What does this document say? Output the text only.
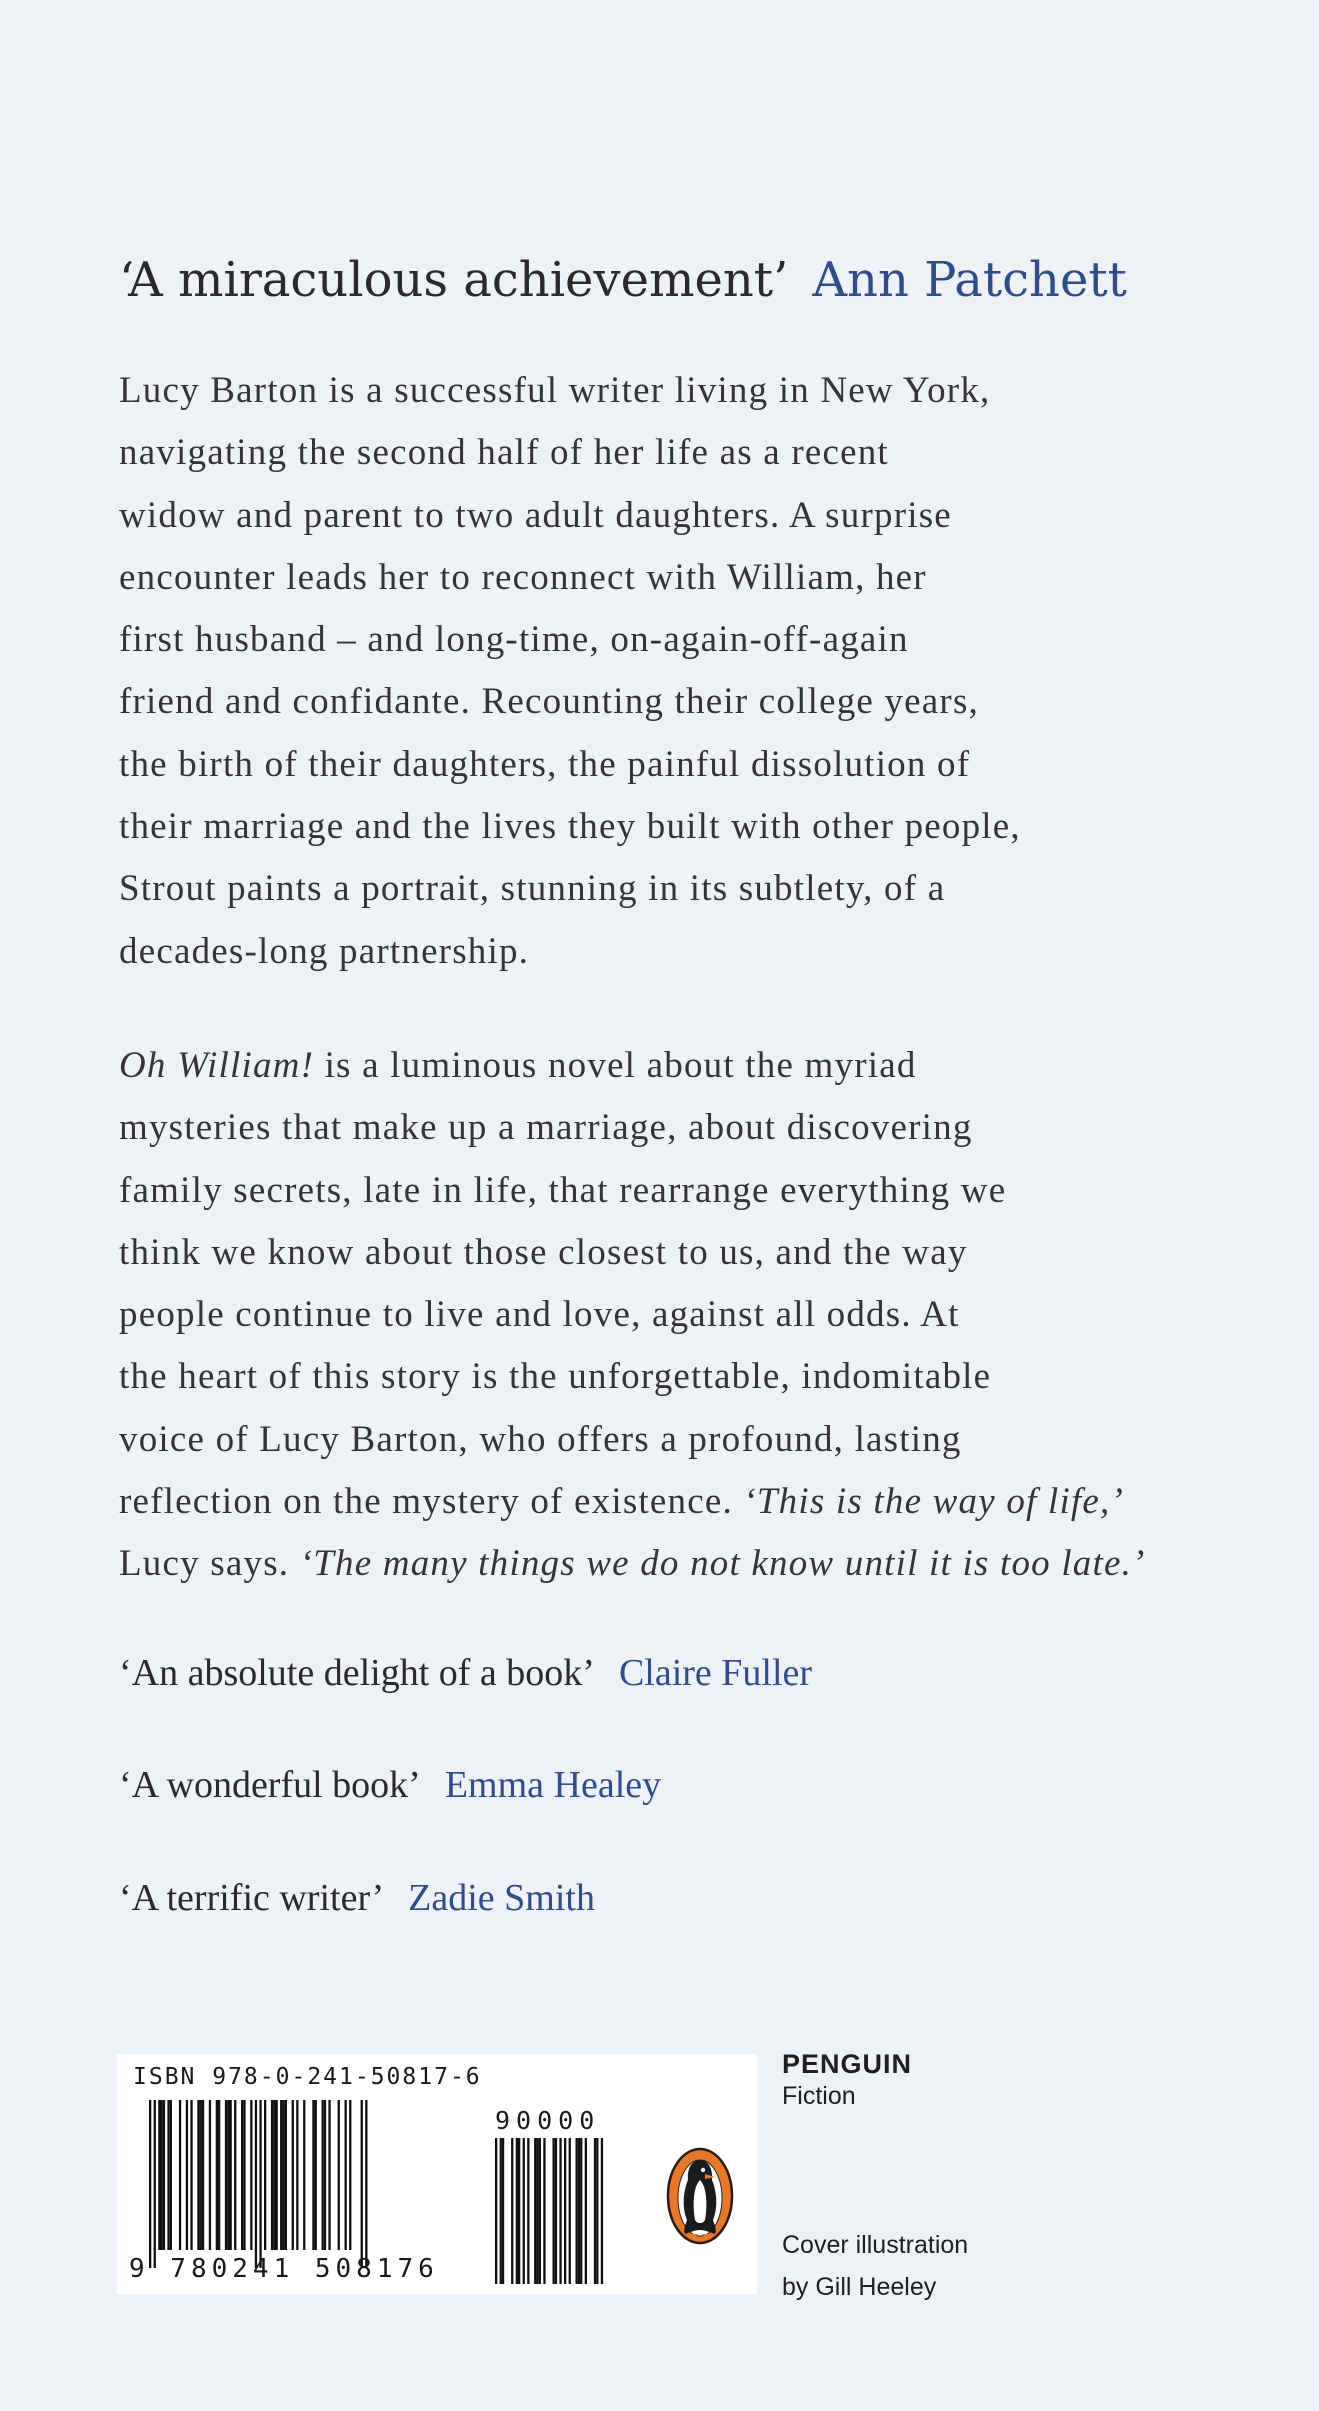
‘A miraculous achievement’ Ann Patchett
Lucy Barton is a successful writer living in New York,
navigating the second half of her life as a recent
widow and parent to two adult daughters. A surprise
encounter leads her to reconnect with William, her
first husband – and long-time, on-again-off-again
friend and confidante. Recounting their college years,
the birth of their daughters, the painful dissolution of
their marriage and the lives they built with other people,
Strout paints a portrait, stunning in its subtlety, of a
decades-long partnership.
Oh William! is a luminous novel about the myriad
mysteries that make up a marriage, about discovering
family secrets, late in life, that rearrange everything we
think we know about those closest to us, and the way
people continue to live and love, against all odds. At
the heart of this story is the unforgettable, indomitable
voice of Lucy Barton, who offers a profound, lasting
reflection on the mystery of existence. ‘This is the way of life,’
Lucy says. ‘The many things we do not know until it is too late.’
‘An absolute delight of a book’ Claire Fuller
‘A wonderful book’ Emma Healey
‘A terrific writer’ Zadie Smith
ISBN 978-0-241-50817-6
90000
9 780241 508176
PENGUIN
Fiction
Cover illustration
by Gill Heeley
